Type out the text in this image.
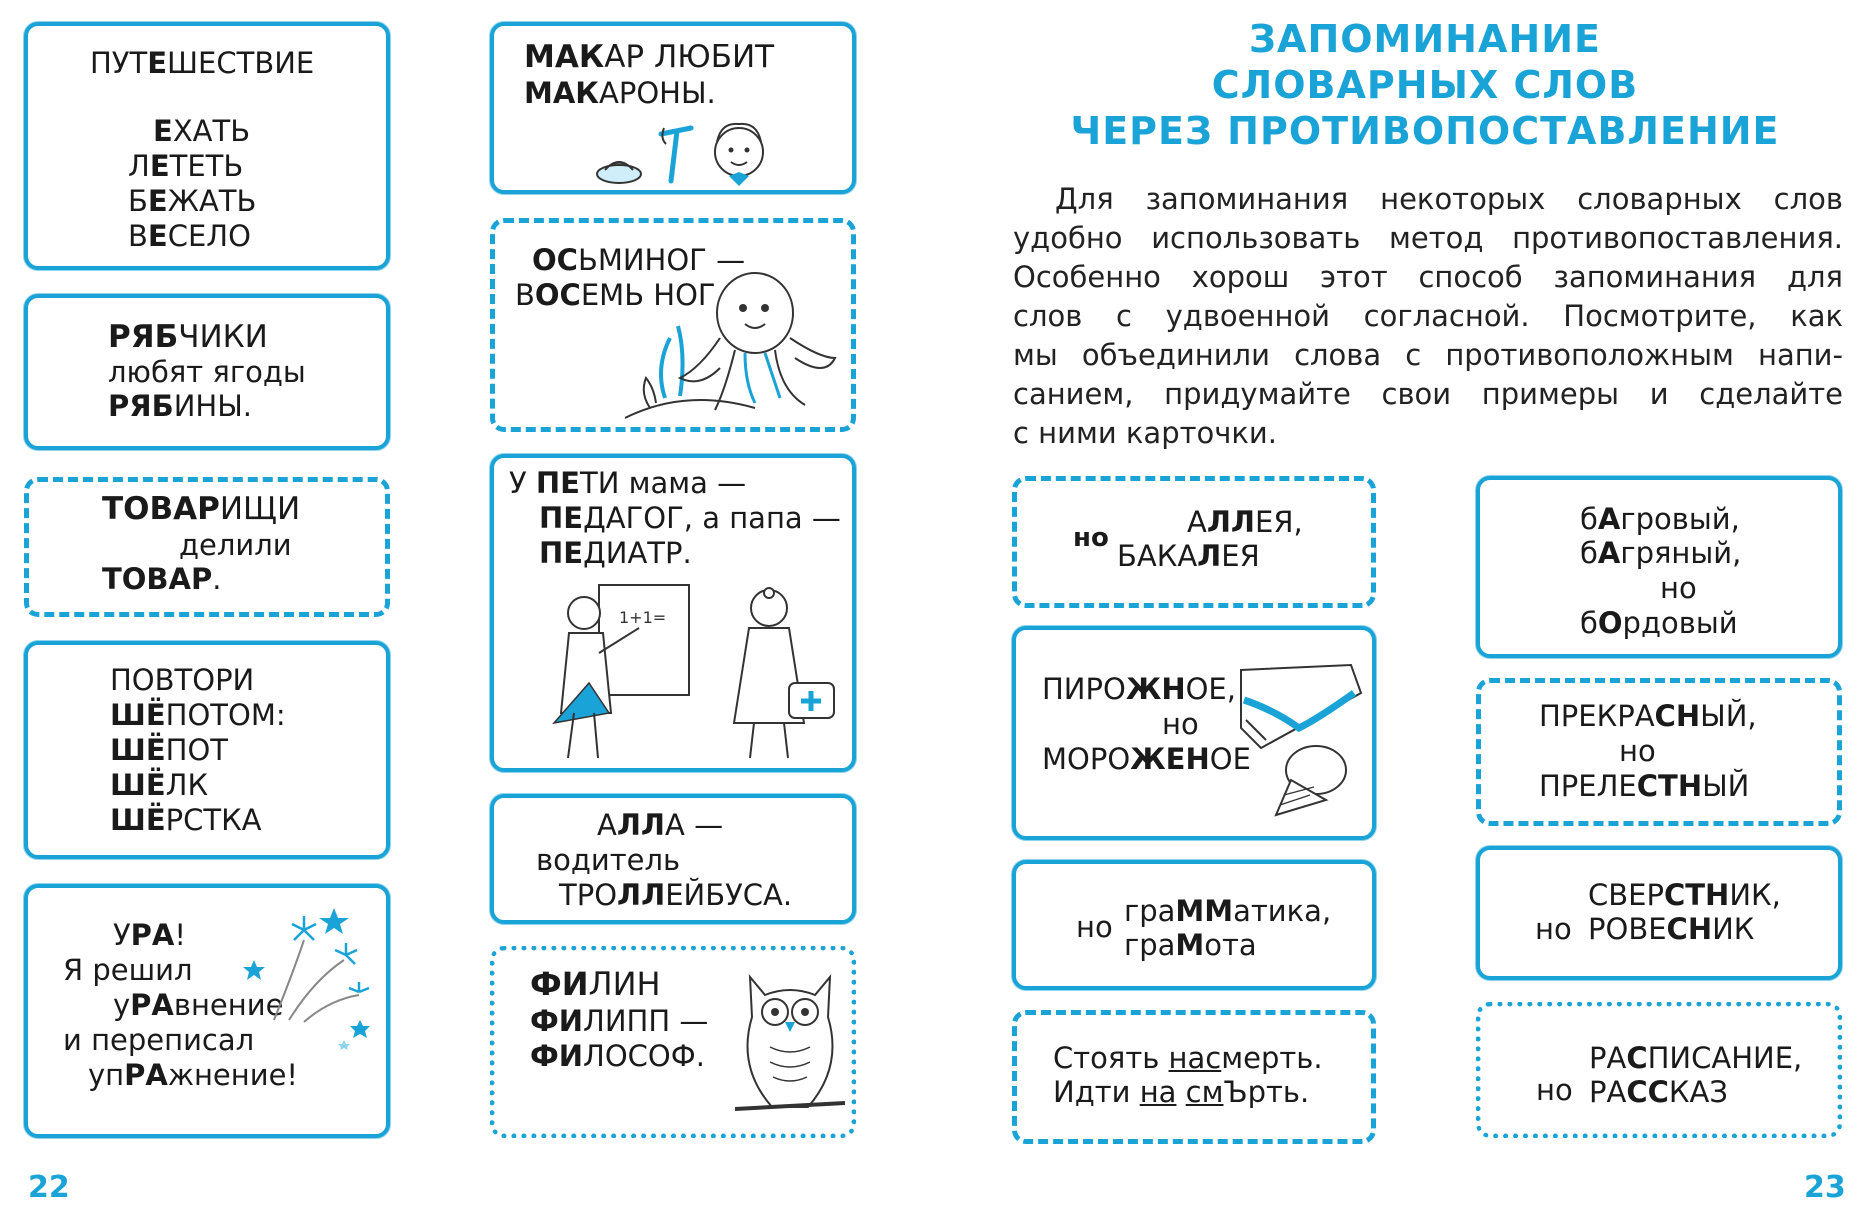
ПУТЕШЕСТВИЕ
ЕХАТЬ
ЛЕТЕТЬ
БЕЖАТЬ
ВЕСЕЛО
РЯБЧИКИ
любят ягоды
РЯБИНЫ.
ТОВАРИЩИ
делили
ТОВАР.
ПОВТОРИ
ШЁПОТОМ:
ШЁПОТ
ШЁЛК
ШЁРСТКА
УРА!
Я решил
уРАвнение
и переписал
упРАжнение!
МАКАР ЛЮБИТ
МАКАРОНЫ.
ОСЬМИНОГ —
ВОСЕМЬ НОГ
У ПЕТИ мама —
ПЕДАГОГ, а папа —
ПЕДИАТР.
1+1=
АЛЛА —
водитель
ТРОЛЛЕЙБУСА.
ФИЛИН
ФИЛИПП —
ФИЛОСОФ.
22
ЗАПОМИНАНИЕ
СЛОВАРНЫХ СЛОВ
ЧЕРЕЗ ПРОТИВОПОСТАВЛЕНИЕ
Для запоминания некоторых словарных слов
удобно использовать метод противопоставления.
Особенно хорош этот способ запоминания для
слов с удвоенной согласной. Посмотрите, как
мы объединили слова с противоположным напи-
санием, придумайте свои примеры и сделайте
с ними карточки.
но	АЛЛЕЯ,
БАКАЛЕЯ
бАгровый,
бАгряный,
но
бОрдовый
ПИРОЖНОЕ,
но
МОРОЖЕНОЕ
ПРЕКРАСНЫЙ,
но
ПРЕЛЕСТНЫЙ
но граММатика,
граМота	но
СВЕРСТНИК,
РОВЕСНИК
Стоять насмерть.
Идти на смЪрть.	но
РАСПИСАНИЕ,
РАССКАЗ
23
